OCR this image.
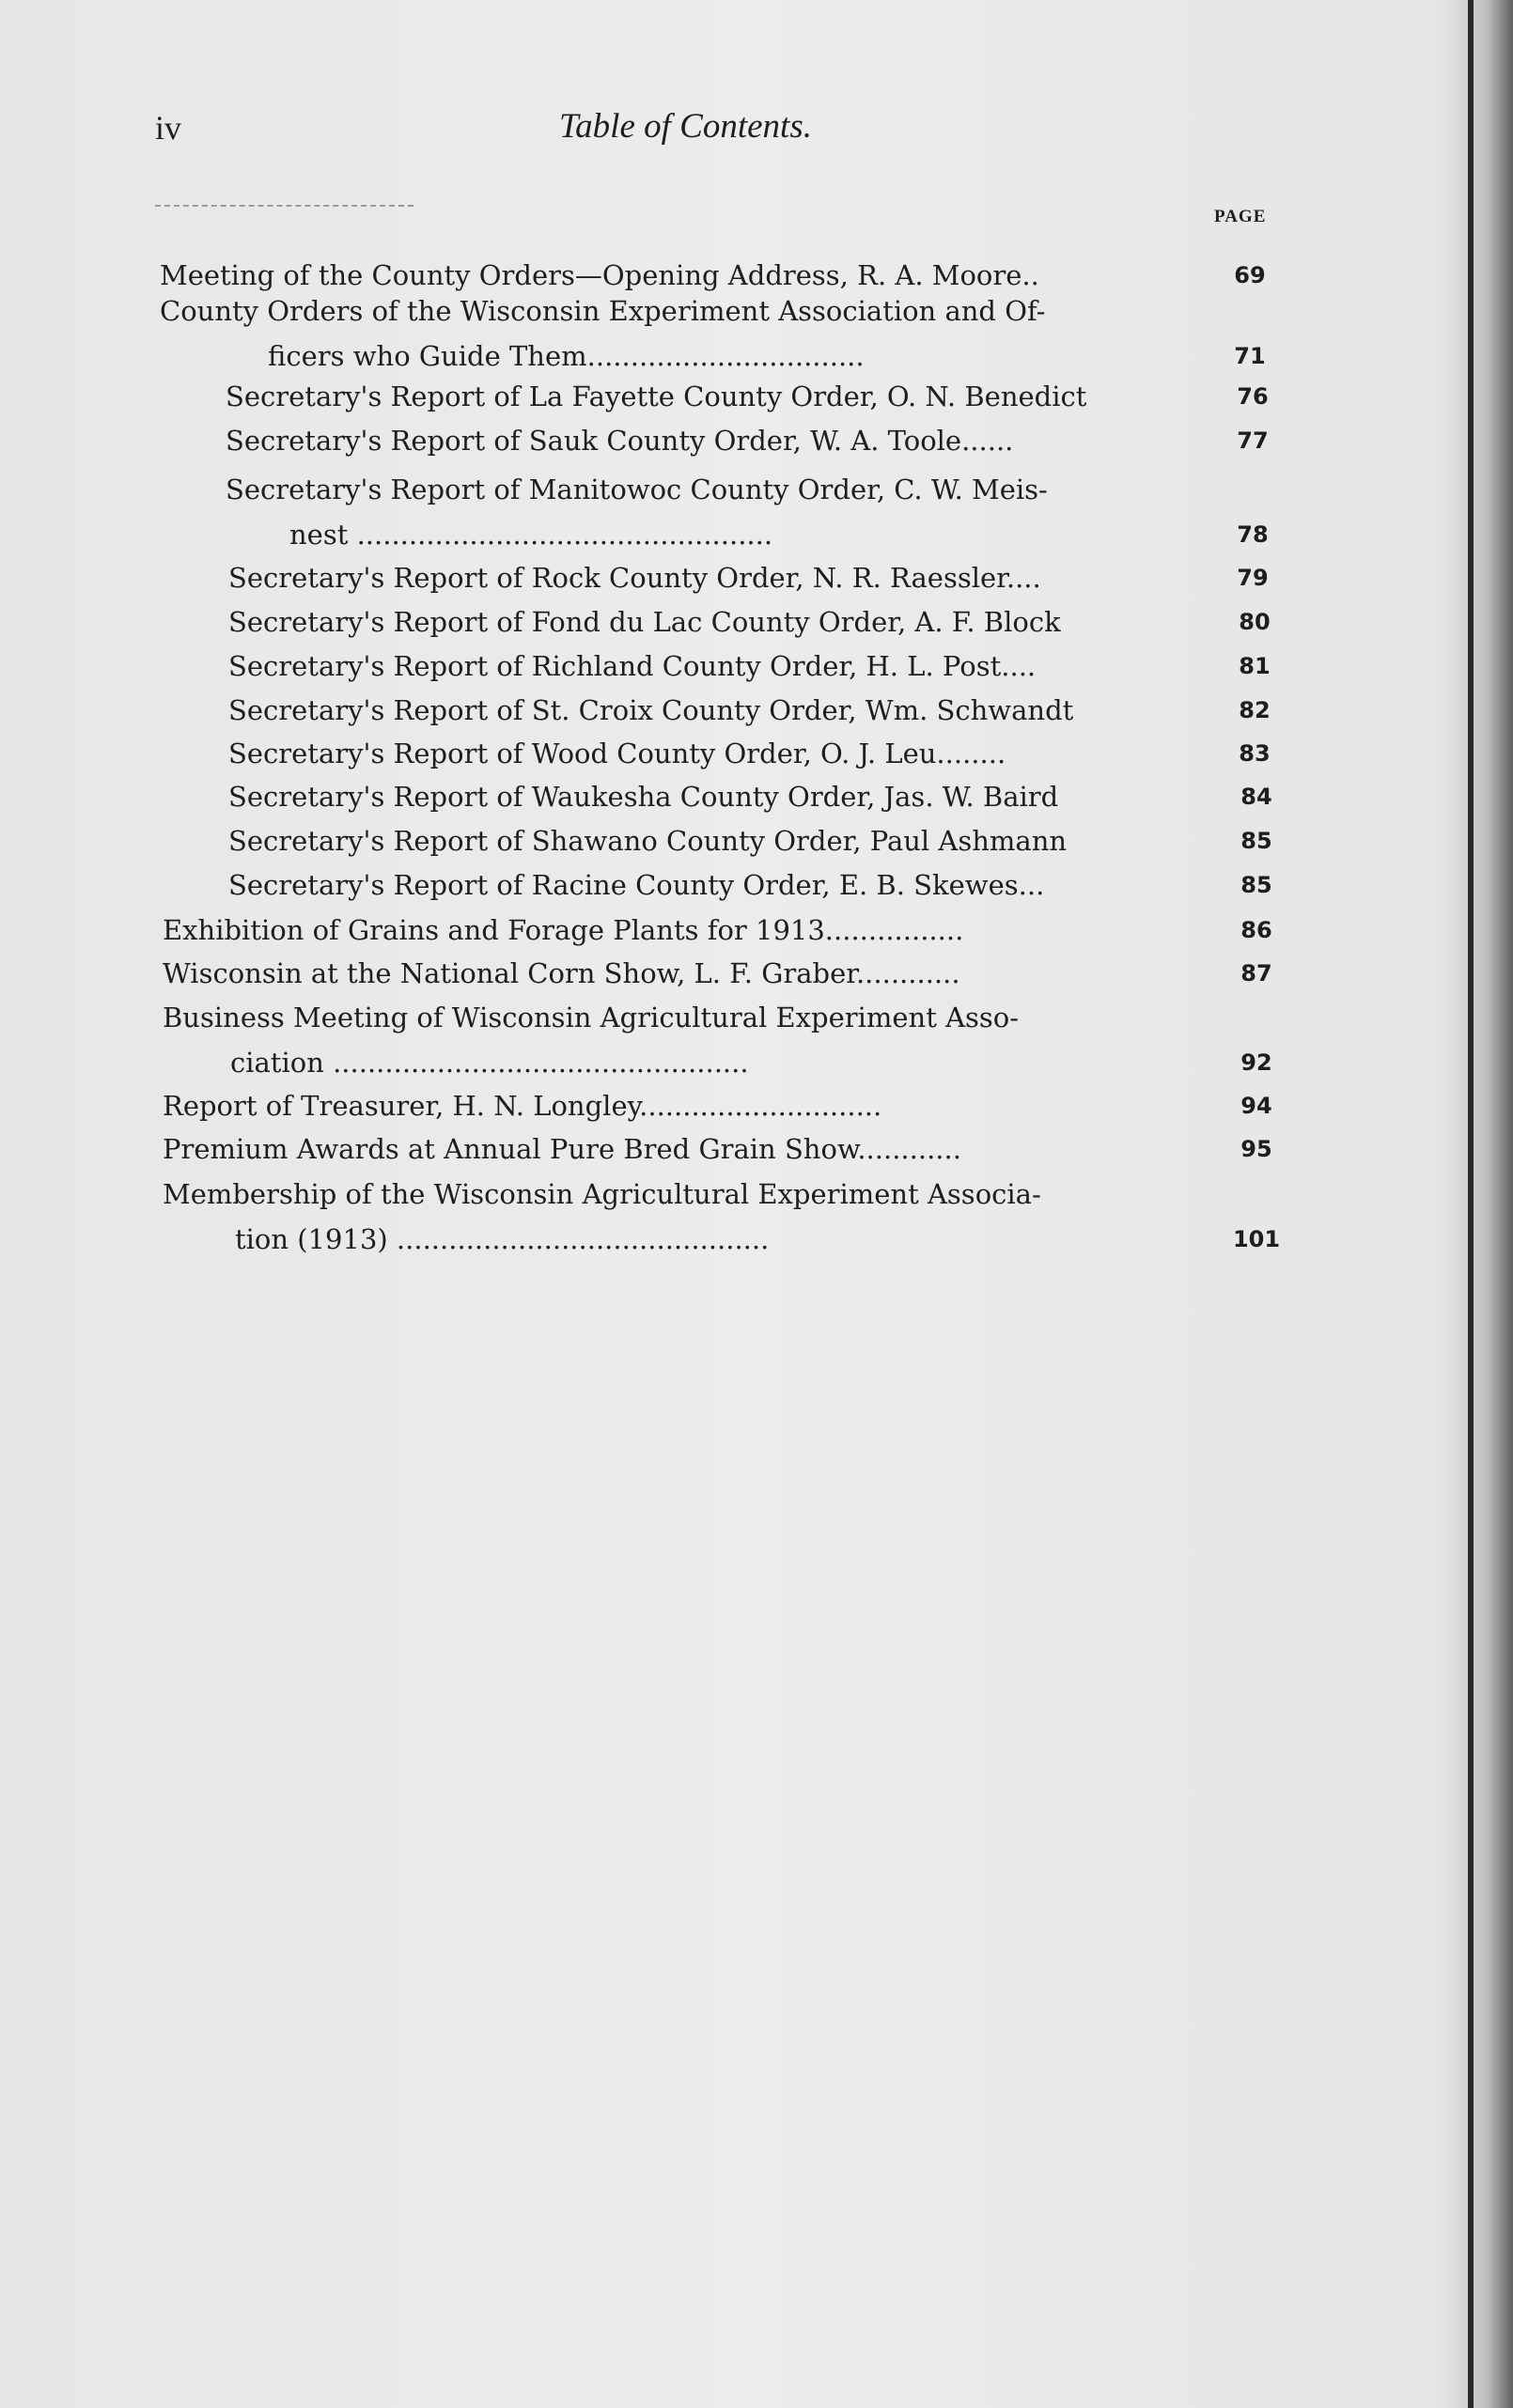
iv	Table of Contents.
PAGE
Meeting of the County Orders—Opening Address, R. A. Moore..	69
County Orders of the Wisconsin Experiment Association and Of-
ficers who Guide Them................................	71
Secretary's Report of La Fayette County Order, O. N. Benedict	76
Secretary's Report of Sauk County Order, W. A. Toole......	77
Secretary's Report of Manitowoc County Order, C. W. Meis-
nest ................................................	78
Secretary's Report of Rock County Order, N. R. Raessler....	79
Secretary's Report of Fond du Lac County Order, A. F. Block	80
Secretary's Report of Richland County Order, H. L. Post....	81
Secretary's Report of St. Croix County Order, Wm. Schwandt	82
Secretary's Report of Wood County Order, O. J. Leu........	83
Secretary's Report of Waukesha County Order, Jas. W. Baird	84
Secretary's Report of Shawano County Order, Paul Ashmann	85
Secretary's Report of Racine County Order, E. B. Skewes...	85
Exhibition of Grains and Forage Plants for 1913................	86
Wisconsin at the National Corn Show, L. F. Graber............	87
Business Meeting of Wisconsin Agricultural Experiment Asso-
ciation ................................................	92
Report of Treasurer, H. N. Longley............................	94
Premium Awards at Annual Pure Bred Grain Show............	95
Membership of the Wisconsin Agricultural Experiment Associa-
tion (1913) ...........................................	101
